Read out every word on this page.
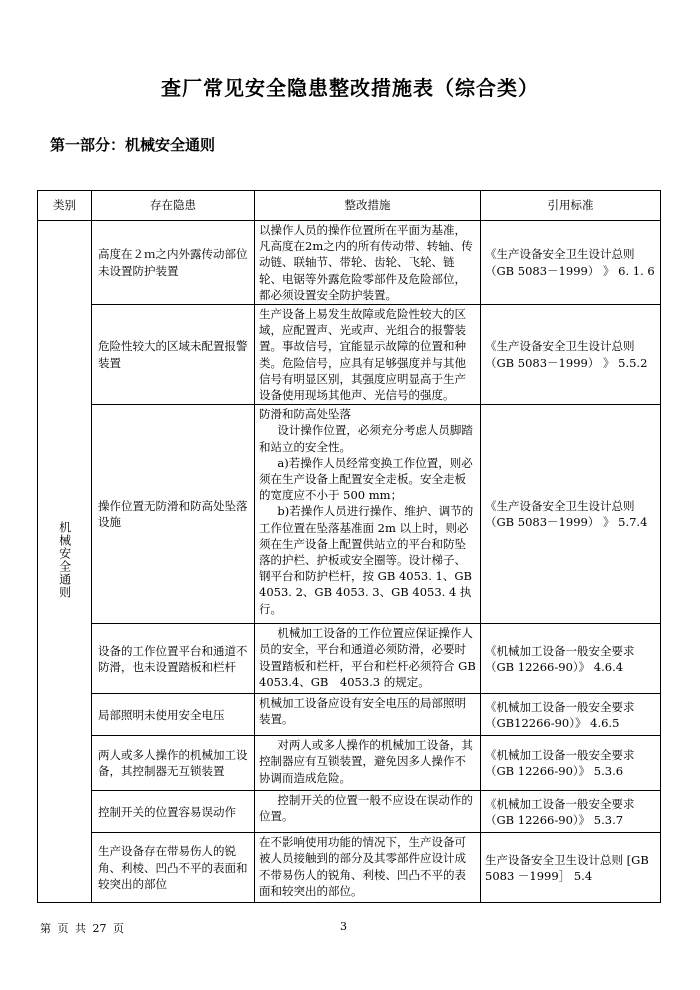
查厂常见安全隐患整改措施表（综合类）
第一部分：机械安全通则
类别	存在隐患	整改措施	引用标准
机械安全通则	高度在２ｍ之内外露传动部位未设置防护装置	以操作人员的操作位置所在平面为基准，凡高度在2m之内的所有传动带、转轴、传动链、联轴节、带轮、齿轮、飞轮、链轮、电锯等外露危险零部件及危险部位，都必须设置安全防护装置。	《生产设备安全卫生设计总则（GB 5083－1999） 》 6. 1. 6
	危险性较大的区域未配置报警装置	生产设备上易发生故障或危险性较大的区域，应配置声、光或声、光组合的报警装置。事故信号，宜能显示故障的位置和种类。危险信号，应具有足够强度并与其他信号有明显区别，其强度应明显高于生产设备使用现场其他声、光信号的强度。	《生产设备安全卫生设计总则（GB 5083－1999） 》 5.5.2
	操作位置无防滑和防高处坠落设施	防滑和防高处坠落

设计操作位置，必须充分考虑人员脚踏和站立的安全性。

a)若操作人员经常变换工作位置，则必须在生产设备上配置安全走板。安全走板的宽度应不小于 500 mm；

b)若操作人员进行操作、维护、调节的工作位置在坠落基准面 2m 以上时，则必须在生产设备上配置供站立的平台和防坠落的护栏、护板或安全圈等。设计梯子、钢平台和防护栏杆，按 GB 4053. 1、GB 4053. 2、GB 4053. 3、GB 4053. 4 执行。	《生产设备安全卫生设计总则（GB 5083－1999） 》 5.7.4
	设备的工作位置平台和通道不防滑，也未设置踏板和栏杆	机械加工设备的工作位置应保证操作人员的安全，平台和通道必须防滑，必要时设置踏板和栏杆，平台和栏杆必须符合 GB　4053.4、GB　4053.3 的规定。	《机械加工设备一般安全要求（GB 12266-90）》 4.6.4
	局部照明未使用安全电压	机械加工设备应设有安全电压的局部照明装置。	《机械加工设备一般安全要求（GB12266-90）》 4.6.5
	两人或多人操作的机械加工设备，其控制器无互锁装置	对两人或多人操作的机械加工设备，其控制器应有互锁装置，避免因多人操作不协调而造成危险。	《机械加工设备一般安全要求（GB 12266-90）》 5.3.6
	控制开关的位置容易误动作	控制开关的位置一般不应设在误动作的位置。	《机械加工设备一般安全要求（GB 12266-90）》 5.3.7
	生产设备存在带易伤人的锐角、利棱、凹凸不平的表面和较突出的部位	在不影响使用功能的情况下，生产设备可被人员接触到的部分及其零部件应设计成不带易伤人的锐角、利棱、凹凸不平的表面和较突出的部位。	生产设备安全卫生设计总则 [GB 5083 －1999］ 5.4
第 页 共 27 页	3
